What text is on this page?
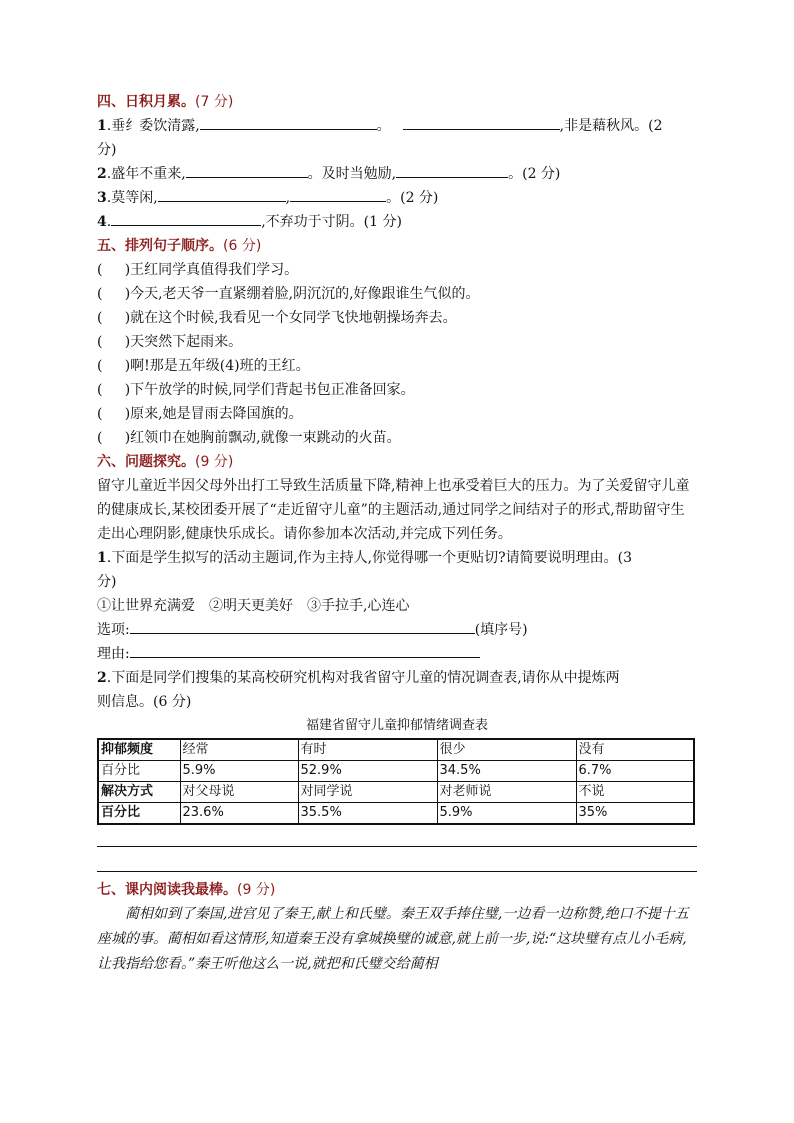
四、日积月累。(7 分)
1.垂纟委饮清露,	。	,非是藉秋风。(2
分)
2.盛年不重来,	。及时当勉励,	。(2 分)
3.莫等闲,	,	。(2 分)
4.	,不弃功于寸阴。(1 分)
五、排列句子顺序。(6 分)
(     )王红同学真值得我们学习。
(     )今天,老天爷一直紧绷着脸,阴沉沉的,好像跟谁生气似的。
(     )就在这个时候,我看见一个女同学飞快地朝操场奔去。
(     )天突然下起雨来。
(     )啊!那是五年级(4)班的王红。
(     )下午放学的时候,同学们背起书包正准备回家。
(     )原来,她是冒雨去降国旗的。
(     )红领巾在她胸前飘动,就像一束跳动的火苗。
六、问题探究。(9 分)
留守儿童近半因父母外出打工导致生活质量下降,精神上也承受着巨大的压力。为了关爱留守儿童的健康成长,某校团委开展了“走近留守儿童”的主题活动,通过同学之间结对子的形式,帮助留守生走出心理阴影,健康快乐成长。请你参加本次活动,并完成下列任务。
1.下面是学生拟写的活动主题词,作为主持人,你觉得哪一个更贴切?请简要说明理由。(3
分)
①让世界充满爱　②明天更美好　③手拉手,心连心
选项:	(填序号)
理由:
2.下面是同学们搜集的某高校研究机构对我省留守儿童的情况调查表,请你从中提炼两
则信息。(6 分)
福建省留守儿童抑郁情绪调查表
抑郁频度	经常	有时	很少	没有
百分比	5.9%	52.9%	34.5%	6.7%
解决方式	对父母说	对同学说	对老师说	不说
百分比	23.6%	35.5%	5.9%	35%
七、课内阅读我最棒。(9 分)
蔺相如到了秦国,进宫见了秦王,献上和氏璧。秦王双手捧住璧,一边看一边称赞,绝口不提十五座城的事。蔺相如看这情形,知道秦王没有拿城换璧的诚意,就上前一步,说:“这块璧有点儿小毛病,让我指给您看。”秦王听他这么一说,就把和氏璧交给蔺相
